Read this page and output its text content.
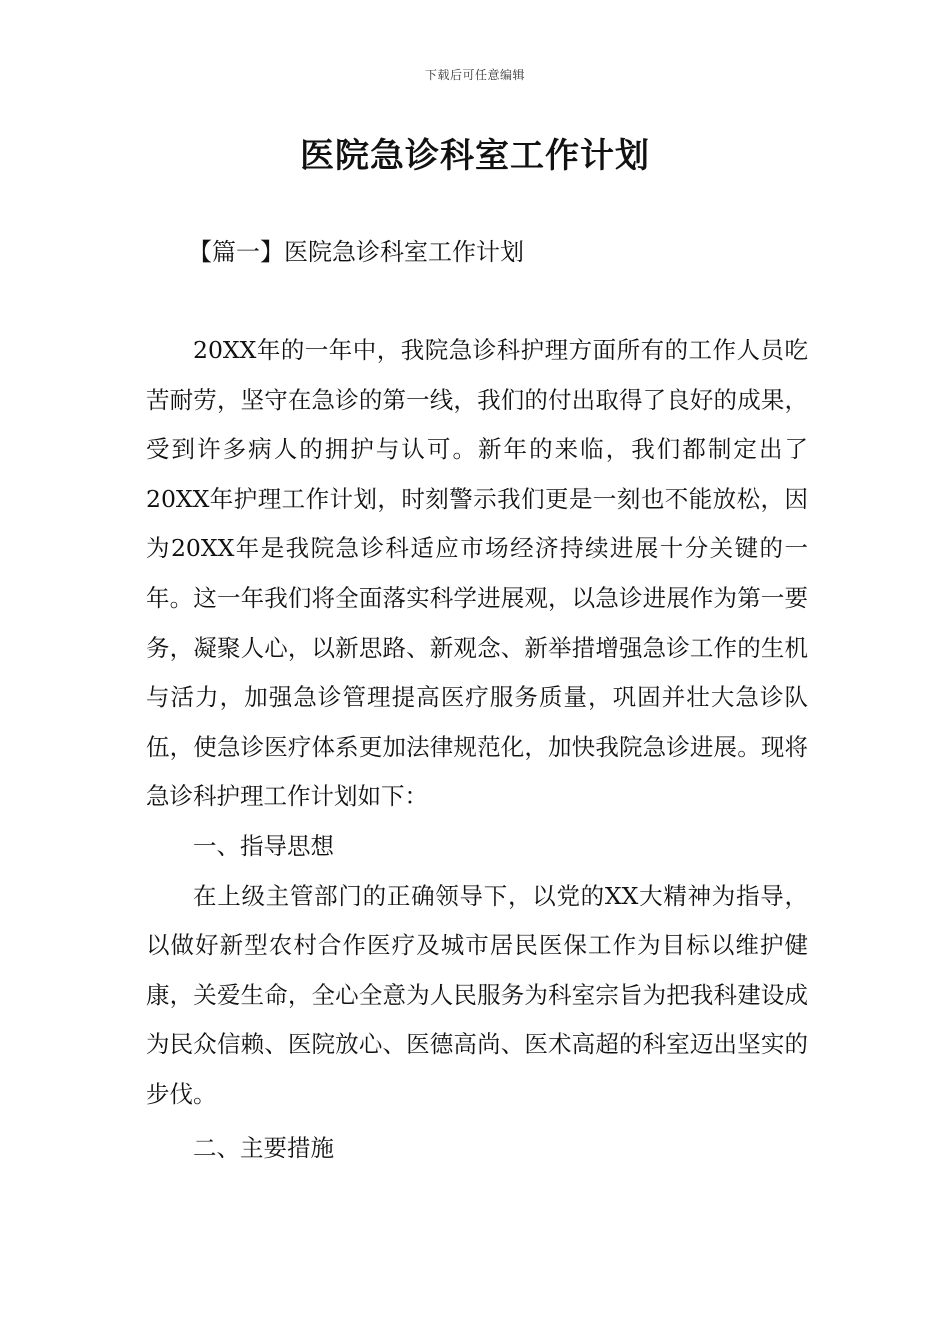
下载后可任意编辑
医院急诊科室工作计划
【篇一】医院急诊科室工作计划

20XX年的一年中，我院急诊科护理方面所有的工作人员吃苦耐劳，坚守在急诊的第一线，我们的付出取得了良好的成果，受到许多病人的拥护与认可。新年的来临，我们都制定出了20XX年护理工作计划，时刻警示我们更是一刻也不能放松，因为20XX年是我院急诊科适应市场经济持续进展十分关键的一年。这一年我们将全面落实科学进展观，以急诊进展作为第一要务，凝聚人心，以新思路、新观念、新举措增强急诊工作的生机与活力，加强急诊管理提高医疗服务质量，巩固并壮大急诊队伍，使急诊医疗体系更加法律规范化，加快我院急诊进展。现将急诊科护理工作计划如下：

一、指导思想

在上级主管部门的正确领导下，以党的XX大精神为指导，以做好新型农村合作医疗及城市居民医保工作为目标以维护健康，关爱生命，全心全意为人民服务为科室宗旨为把我科建设成为民众信赖、医院放心、医德高尚、医术高超的科室迈出坚实的步伐。

二、主要措施
